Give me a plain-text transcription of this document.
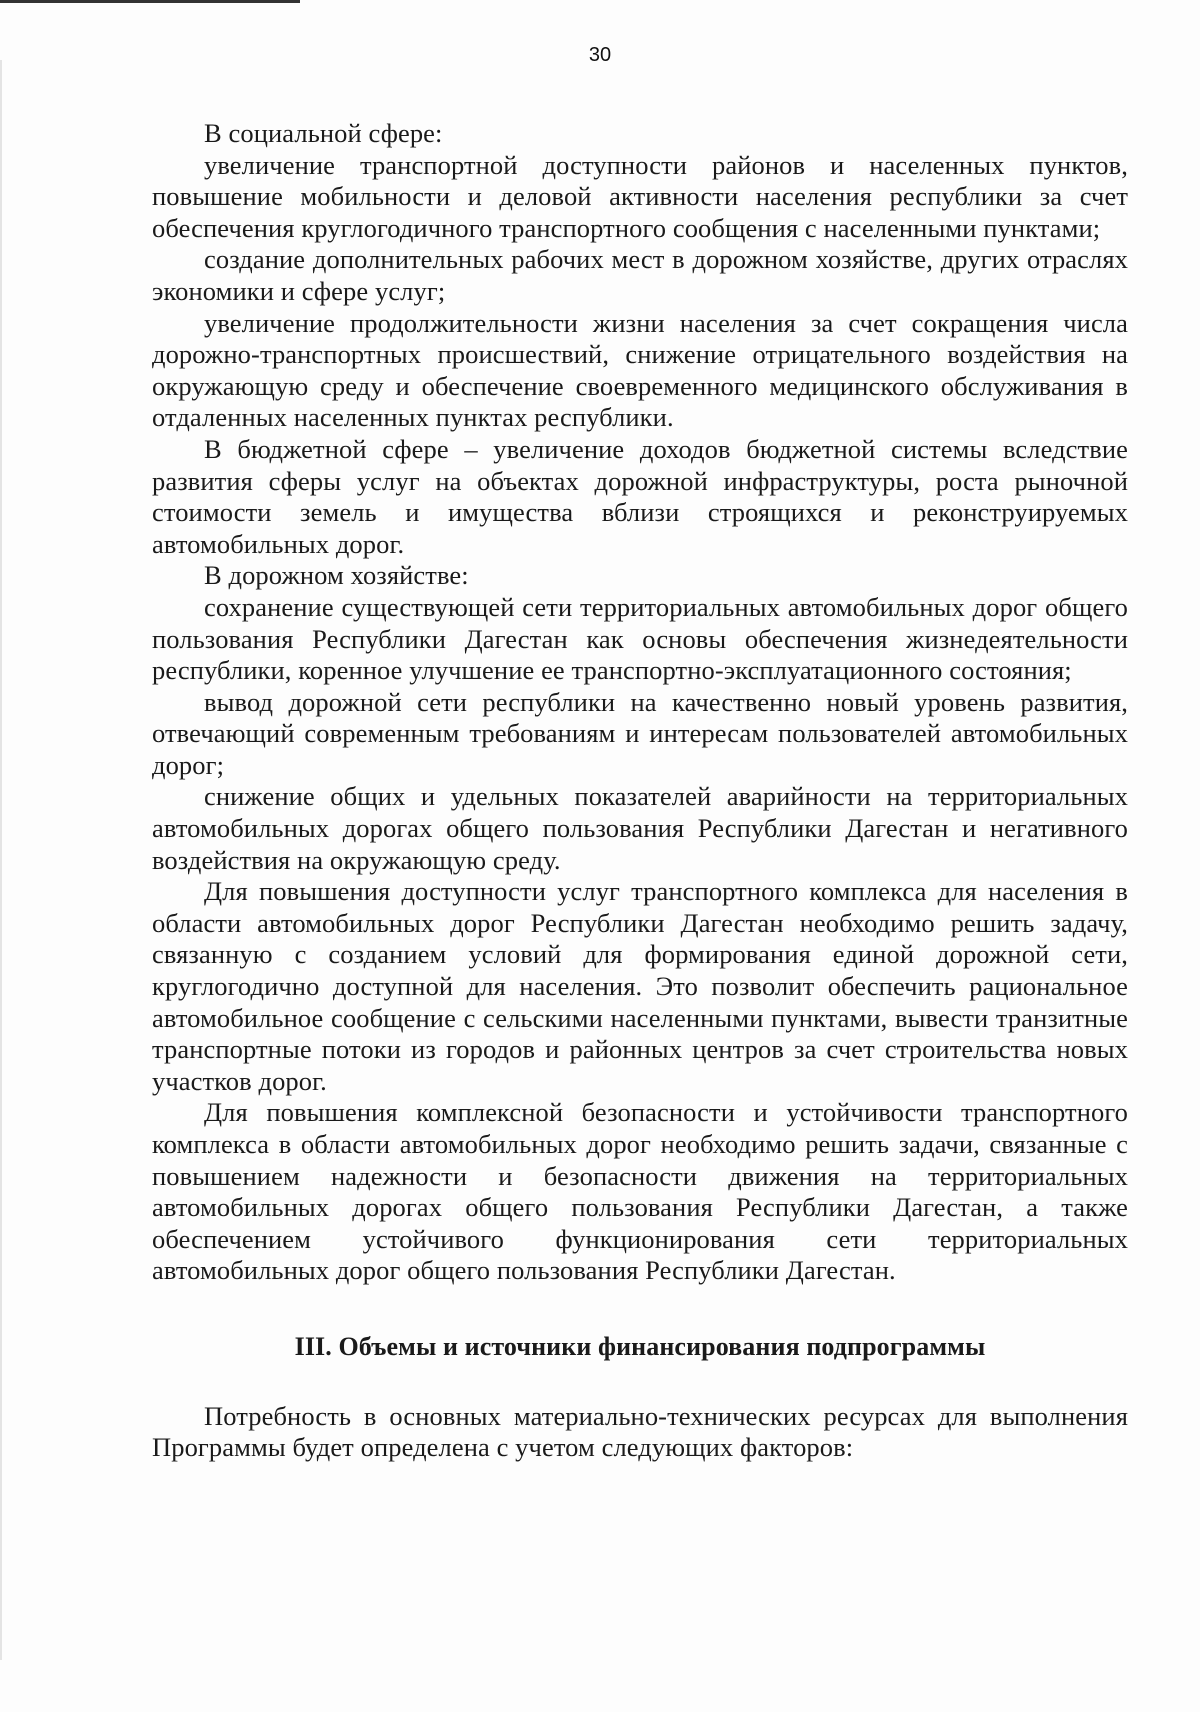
30

В социальной сфере:

увеличение транспортной доступности районов и населенных пунктов, повышение мобильности и деловой активности населения республики за счет обеспечения круглогодичного транспортного сообщения с населенными пунктами;

создание дополнительных рабочих мест в дорожном хозяйстве, других отраслях экономики и сфере услуг;

увеличение продолжительности жизни населения за счет сокращения числа дорожно-транспортных происшествий, снижение отрицательного воздействия на окружающую среду и обеспечение своевременного медицинского обслуживания в отдаленных населенных пунктах республики.

В бюджетной сфере – увеличение доходов бюджетной системы вследствие развития сферы услуг на объектах дорожной инфраструктуры, роста рыночной стоимости земель и имущества вблизи строящихся и реконструируемых автомобильных дорог.

В дорожном хозяйстве:

сохранение существующей сети территориальных автомобильных дорог общего пользования Республики Дагестан как основы обеспечения жизнедеятельности республики, коренное улучшение ее транспортно-эксплуатационного состояния;

вывод дорожной сети республики на качественно новый уровень развития, отвечающий современным требованиям и интересам пользователей автомобильных дорог;

снижение общих и удельных показателей аварийности на территориальных автомобильных дорогах общего пользования Республики Дагестан и негативного воздействия на окружающую среду.

Для повышения доступности услуг транспортного комплекса для населения в области автомобильных дорог Республики Дагестан необходимо решить задачу, связанную с созданием условий для формирования единой дорожной сети, круглогодично доступной для населения. Это позволит обеспечить рациональное автомобильное сообщение с сельскими населенными пунктами, вывести транзитные транспортные потоки из городов и районных центров за счет строительства новых участков дорог.

Для повышения комплексной безопасности и устойчивости транспортного комплекса в области автомобильных дорог необходимо решить задачи, связанные с повышением надежности и безопасности движения на территориальных автомобильных дорогах общего пользования Республики Дагестан, а также обеспечением устойчивого функционирования сети территориальных автомобильных дорог общего пользования Республики Дагестан.

III. Объемы и источники финансирования подпрограммы

Потребность в основных материально-технических ресурсах для выполнения Программы будет определена с учетом следующих факторов:
